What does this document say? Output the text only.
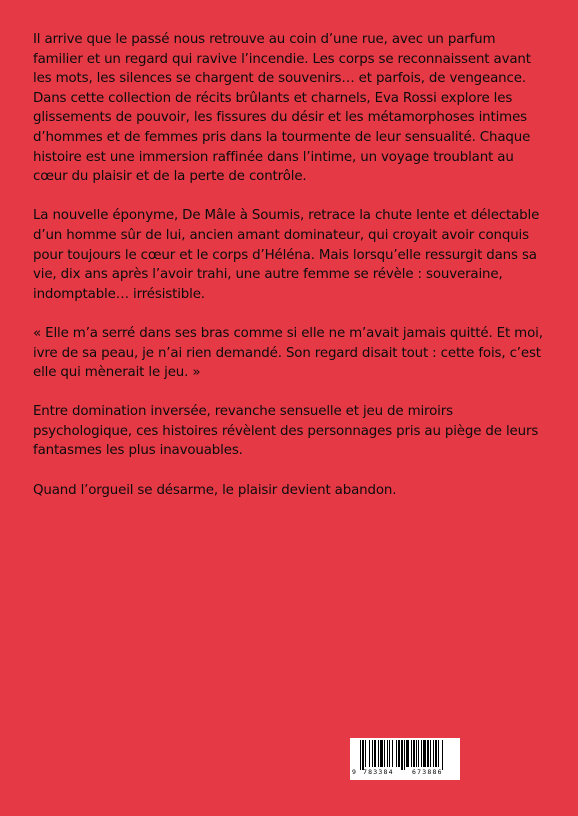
Il arrive que le passé nous retrouve au coin d’une rue, avec un parfum familier et un regard qui ravive l’incendie. Les corps se reconnaissent avant les mots, les silences se chargent de souvenirs… et parfois, de vengeance.

Dans cette collection de récits brûlants et charnels, Eva Rossi explore les glissements de pouvoir, les fissures du désir et les métamorphoses intimes d’hommes et de femmes pris dans la tourmente de leur sensualité. Chaque histoire est une immersion raffinée dans l’intime, un voyage troublant au cœur du plaisir et de la perte de contrôle.

La nouvelle éponyme, De Mâle à Soumis, retrace la chute lente et délectable d’un homme sûr de lui, ancien amant dominateur, qui croyait avoir conquis pour toujours le cœur et le corps d’Héléna. Mais lorsqu’elle ressurgit dans sa vie, dix ans après l’avoir trahi, une autre femme se révèle : souveraine, indomptable… irrésistible.

« Elle m’a serré dans ses bras comme si elle ne m’avait jamais quitté. Et moi, ivre de sa peau, je n’ai rien demandé. Son regard disait tout : cette fois, c’est elle qui mènerait le jeu. »

Entre domination inversée, revanche sensuelle et jeu de miroirs psychologique, ces histoires révèlent des personnages pris au piège de leurs fantasmes les plus inavouables.

Quand l’orgueil se désarme, le plaisir devient abandon.

9 783384	673886
